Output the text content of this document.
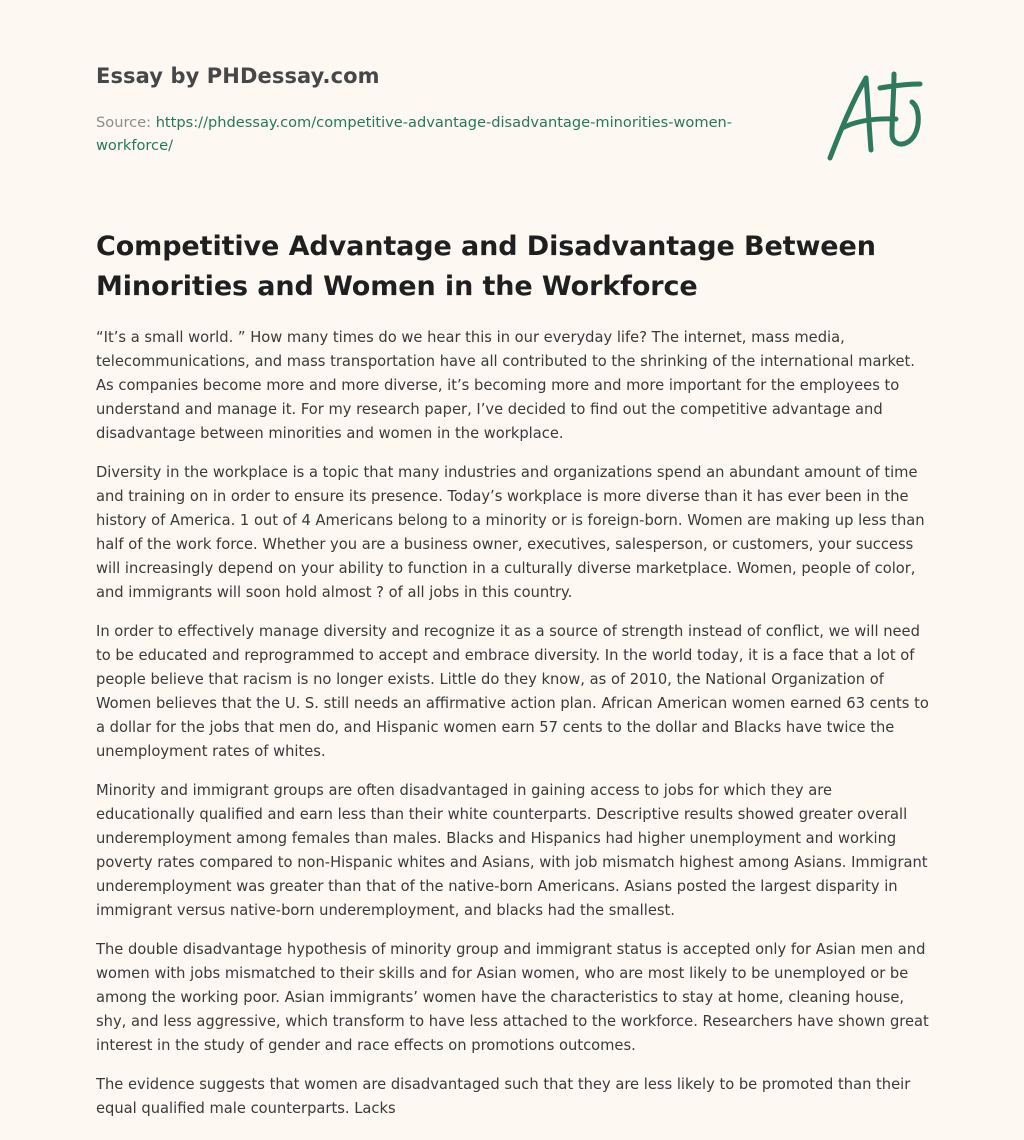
Essay by PHDessay.com
Source: https://phdessay.com/competitive-advantage-disadvantage-minorities-women-workforce/
Competitive Advantage and Disadvantage Between Minorities and Women in the Workforce

“It’s a small world. ” How many times do we hear this in our everyday life? The internet, mass media, telecommunications, and mass transportation have all contributed to the shrinking of the international market. As companies become more and more diverse, it’s becoming more and more important for the employees to understand and manage it. For my research paper, I’ve decided to find out the competitive advantage and disadvantage between minorities and women in the workplace.

Diversity in the workplace is a topic that many industries and organizations spend an abundant amount of time and training on in order to ensure its presence. Today’s workplace is more diverse than it has ever been in the history of America. 1 out of 4 Americans belong to a minority or is foreign-born. Women are making up less than half of the work force. Whether you are a business owner, executives, salesperson, or customers, your success will increasingly depend on your ability to function in a culturally diverse marketplace. Women, people of color, and immigrants will soon hold almost ? of all jobs in this country.

In order to effectively manage diversity and recognize it as a source of strength instead of conflict, we will need to be educated and reprogrammed to accept and embrace diversity. In the world today, it is a face that a lot of people believe that racism is no longer exists. Little do they know, as of 2010, the National Organization of Women believes that the U. S. still needs an affirmative action plan. African American women earned 63 cents to a dollar for the jobs that men do, and Hispanic women earn 57 cents to the dollar and Blacks have twice the unemployment rates of whites.

Minority and immigrant groups are often disadvantaged in gaining access to jobs for which they are educationally qualified and earn less than their white counterparts. Descriptive results showed greater overall underemployment among females than males. Blacks and Hispanics had higher unemployment and working poverty rates compared to non-Hispanic whites and Asians, with job mismatch highest among Asians. Immigrant underemployment was greater than that of the native-born Americans. Asians posted the largest disparity in immigrant versus native-born underemployment, and blacks had the smallest.

The double disadvantage hypothesis of minority group and immigrant status is accepted only for Asian men and women with jobs mismatched to their skills and for Asian women, who are most likely to be unemployed or be among the working poor. Asian immigrants’ women have the characteristics to stay at home, cleaning house, shy, and less aggressive, which transform to have less attached to the workforce. Researchers have shown great interest in the study of gender and race effects on promotions outcomes.

The evidence suggests that women are disadvantaged such that they are less likely to be promoted than their equal qualified male counterparts. Lacks
